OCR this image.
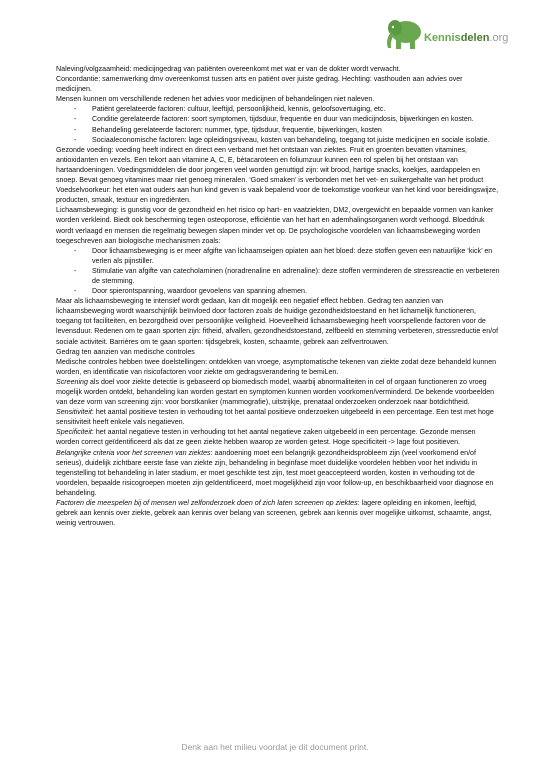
Kennisdelen.org

Naleving/volgzaamheid: medicijngedrag van patiënten overeenkomt met wat er van de dokter wordt verwacht.

Concordantie: samenwerking dmv overeenkomst tussen arts en patiënt over juiste gedrag. Hechting: vasthouden aan advies over medicijnen.

Mensen kunnen om verschillende redenen het advies voor medicijnen of behandelingen niet naleven.

- Patiënt gerelateerde factoren: cultuur, leeftijd, persoonlijkheid, kennis, geloofsovertuiging, etc.
- Conditie gerelateerde factoren: soort symptomen, tijdsduur, frequentie en duur van medicijndosis, bijwerkingen en kosten.
- Behandeling gerelateerde factoren: nummer, type, tijdsduur, frequentie, bijwerkingen, kosten
- Sociaaleconomische factoren: lage opleidingsniveau, kosten van behandeling, toegang tot juiste medicijnen en sociale isolatie.

Gezonde voeding: voeding heeft indirect en direct een verband met het ontstaan van ziektes. Fruit en groenten bevatten vitamines, antioxidanten en vezels. Een tekort aan vitamine A, C, E, bètacaroteen en foliumzuur kunnen een rol spelen bij het ontstaan van hartaandoeningen. Voedingsmiddelen die door jongeren veel worden genuttigd zijn: wit brood, hartige snacks, koekjes, aardappelen en snoep. Bevat genoeg vitamines maar niet genoeg mineralen. ‘Goed smaken’ is verbonden met het vet- en suikergehalte van het product

Voedselvoorkeur: het eten wat ouders aan hun kind geven is vaak bepalend voor de toekomstige voorkeur van het kind voor bereidingswijze, producten, smaak, textuur en ingrediënten.

Lichaamsbeweging: is gunstig voor de gezondheid en het risico op hart- en vaatziekten, DM2, overgewicht en bepaalde vormen van kanker worden verkleind. Biedt ook bescherming tegen osteoporose, efficiëntie van het hart en ademhalingsorganen wordt verhoogd. Bloeddruk wordt verlaagd en mensen die regelmatig bewegen slapen minder vet op. De psychologische voordelen van lichaamsbeweging worden toegeschreven aan biologische mechanismen zoals:

- Door lichaamsbeweging is er meer afgifte van lichaamseigen opiaten aan het bloed: deze stoffen geven een natuurlijke ‘kick’ en verlen als pijnstiller.
- Stimulatie van afgifte van catecholaminen (noradrenaline en adrenaline): deze stoffen verminderen de stressreactie en verbeteren de stemming.
- Door spierontspanning, waardoor gevoelens van spanning afnemen.

Maar als lichaamsbeweging te intensief wordt gedaan, kan dit mogelijk een negatief effect hebben. Gedrag ten aanzien van lichaamsbeweging wordt waarschijnlijk beïnvloed door factoren zoals de huidige gezondheidstoestand en het lichamelijk functioneren, toegang tot faciliteiten, en bezorgdheid over persoonlijke veiligheid. Hoeveelheid lichaamsbeweging heeft voorspellende factoren voor de levensduur. Redenen om te gaan sporten zijn: fitheid, afvallen, gezondheidstoestand, zelfbeeld en stemming verbeteren, stressreductie en/of sociale activiteit. Barrières om te gaan sporten: tijdsgebrek, kosten, schaamte, gebrek aan zelfvertrouwen.

Gedrag ten aanzien van medische controles

Medische controles hebben twee doelstellingen: ontdekken van vroege, asymptomatische tekenen van ziekte zodat deze behandeld kunnen worden, en identificatie van risicofactoren voor ziekte om gedragsverandering te bemiLen.

Screening als doel voor ziekte detectie is gebaseerd op biomedisch model, waarbij abnormaliteiten in cel of orgaan functioneren zo vroeg mogelijk worden ontdekt, behandeling kan worden gestart en symptomen kunnen worden voorkomen/verminderd. De bekende voorbeelden van deze vorm van screening zijn: voor borstkanker (mammografie), uitstrijkje, prenataal onderzoeken onderzoek naar botdichtheid.

Sensitiviteit: het aantal positieve testen in verhouding tot het aantal positieve onderzoeken uitgebeeld in een percentage. Een test met hoge sensitiviteit heeft enkele vals negatieven.

Specificiteit: het aantal negatieve testen in verhouding tot het aantal negatieve zaken uitgebeeld in een percentage. Gezonde mensen worden correct geïdentificeerd als dat ze geen ziekte hebben waarop ze worden getest. Hoge specificiteit -> lage fout positieven.

Belangrijke criteria voor het screenen van ziektes: aandoening moet een belangrijk gezondheidsprobleem zijn (veel voorkomend en/of serieus), duidelijk zichtbare eerste fase van ziekte zijn, behandeling in beginfase moet duidelijke voordelen hebben voor het individu in tegenstelling tot behandeling in later stadium, er moet geschikte test zijn, test moet geaccepteerd worden, kosten in verhouding tot de voordelen, bepaalde risicogroepen moeten zijn geïdentificeerd, moet mogelijkheid zijn voor follow-up, en beschikbaarheid voor diagnose en behandeling.

Factoren die meespelen bij of mensen wel zelfonderzoek doen of zich laten screenen op ziektes: lagere opleiding en inkomen, leeftijd, gebrek aan kennis over ziekte, gebrek aan kennis over belang van screenen, gebrek aan kennis over mogelijke uitkomst, schaamte, angst, weinig vertrouwen.

Denk aan het milieu voordat je dit document print.
